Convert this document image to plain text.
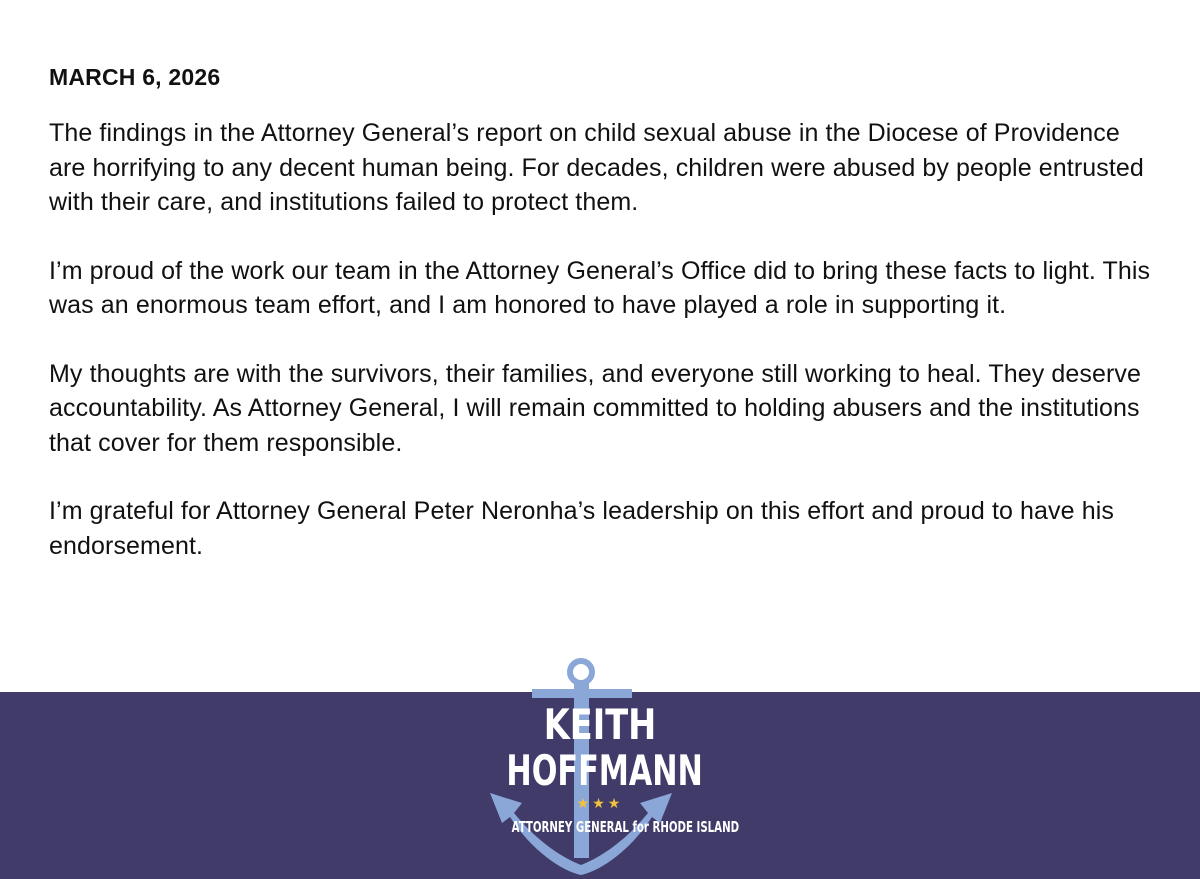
MARCH 6, 2026

The findings in the Attorney General’s report on child sexual abuse in the Diocese of Providence are horrifying to any decent human being. For decades, children were abused by people entrusted with their care, and institutions failed to protect them.

I’m proud of the work our team in the Attorney General’s Office did to bring these facts to light. This was an enormous team effort, and I am honored to have played a role in supporting it.

My thoughts are with the survivors, their families, and everyone still working to heal. They deserve accountability. As Attorney General, I will remain committed to holding abusers and the institutions that cover for them responsible.

I’m grateful for Attorney General Peter Neronha’s leadership on this effort and proud to have his endorsement.

KEITH
HOFFMANN
★★★
ATTORNEY GENERAL for RHODE ISLAND
